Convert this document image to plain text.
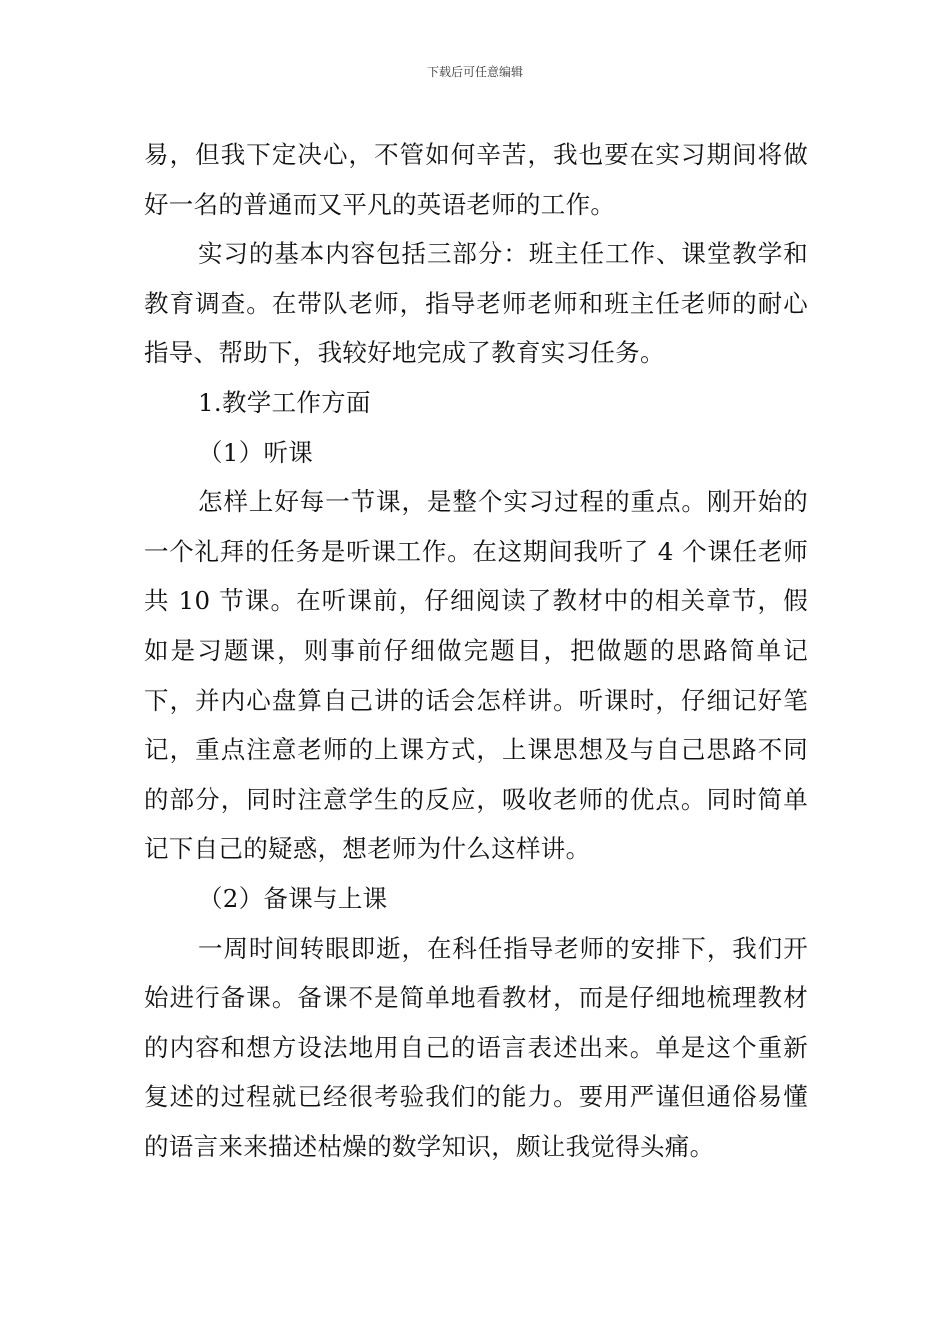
下载后可任意编辑

易，但我下定决心，不管如何辛苦，我也要在实习期间将做好一名的普通而又平凡的英语老师的工作。

实习的基本内容包括三部分：班主任工作、课堂教学和教育调查。在带队老师，指导老师老师和班主任老师的耐心指导、帮助下，我较好地完成了教育实习任务。

1.教学工作方面

（1）听课

怎样上好每一节课，是整个实习过程的重点。刚开始的一个礼拜的任务是听课工作。在这期间我听了 4 个课任老师共 10 节课。在听课前，仔细阅读了教材中的相关章节，假如是习题课，则事前仔细做完题目，把做题的思路简单记下，并内心盘算自己讲的话会怎样讲。听课时，仔细记好笔记，重点注意老师的上课方式，上课思想及与自己思路不同的部分，同时注意学生的反应，吸收老师的优点。同时简单记下自己的疑惑，想老师为什么这样讲。

（2）备课与上课

一周时间转眼即逝，在科任指导老师的安排下，我们开始进行备课。备课不是简单地看教材，而是仔细地梳理教材的内容和想方设法地用自己的语言表述出来。单是这个重新复述的过程就已经很考验我们的能力。要用严谨但通俗易懂的语言来来描述枯燥的数学知识，颇让我觉得头痛。
